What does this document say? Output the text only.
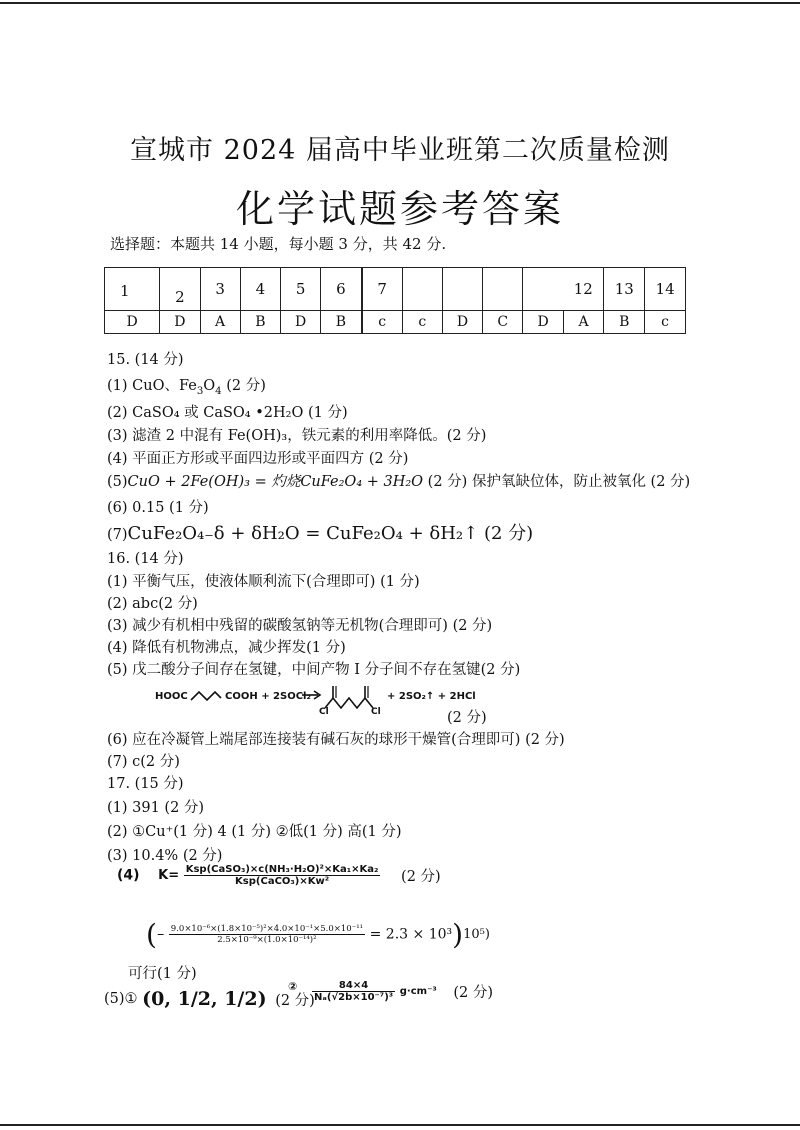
宣城市 2024 届高中毕业班第二次质量检测
化学试题参考答案
选择题：本题共 14 小题，每小题 3 分，共 42 分.
1	2	3	4	5	6	7					12	13	14
D	D	A	B	D	B	c	c	D	C	D	A	B	c
15. (14 分)
(1) CuO、$Fe_3O_4$ (2 分)
(2) CaSO₄ 或 CaSO₄ •2H₂O (1 分)
(3) 滤渣 2 中混有 Fe(OH)₃，铁元素的利用率降低。(2 分)
(4) 平面正方形或平面四边形或平面四方 (2 分)
(5)CuO + 2Fe(OH)₃ = 灼烧CuFe₂O₄ + 3H₂O (2 分) 保护氧缺位体，防止被氧化 (2 分)
(6) 0.15 (1 分)
(7)CuFe₂O₄₋δ + δH₂O = CuFe₂O₄ + δH₂↑ (2 分)
16. (14 分)
(1) 平衡气压，使液体顺利流下(合理即可) (1 分)
(2) abc(2 分)
(3) 减少有机相中残留的碳酸氢钠等无机物(合理即可) (2 分)
(4) 降低有机物沸点，减少挥发(1 分)
(5) 戊二酸分子间存在氢键，中间产物 I 分子间不存在氢键(2 分)
HOOC	COOH + 2SOCl₂
Cl	Cl
+ 2SO₂↑ + 2HCl
(2 分)
(6) 应在冷凝管上端尾部连接装有碱石灰的球形干燥管(合理即可) (2 分)
(7) c(2 分)
17. (15 分)
(1) 391 (2 分)
(2) ①Cu⁺(1 分) 4 (1 分) ②低(1 分) 高(1 分)
(3) 10.4% (2 分)
(4) $K= \frac{\text{Ksp(CaSO₃)×c(NH₃·H₂O)²×Ka₁×Ka₂}}{\text{Ksp(CaCO₃)×Kw²}} (2$ 分)
(– $\frac{\text{9.0×10⁻⁶×(1.8×10⁻⁵)²×4.0×10⁻¹×5.0×10⁻¹¹}}{\text{2.5×10⁻⁹×(1.0×10⁻¹⁴)²}} = 2.3 \times 10^3)10^5$)
可行(1 分)
(5)① (0, 1/2, 1/2) (2 分)
$^② \frac{84\times 4}{\text{Nₐ(√2b×10⁻⁷)³}} g\cdot cm^{-3}$ (2 分)
